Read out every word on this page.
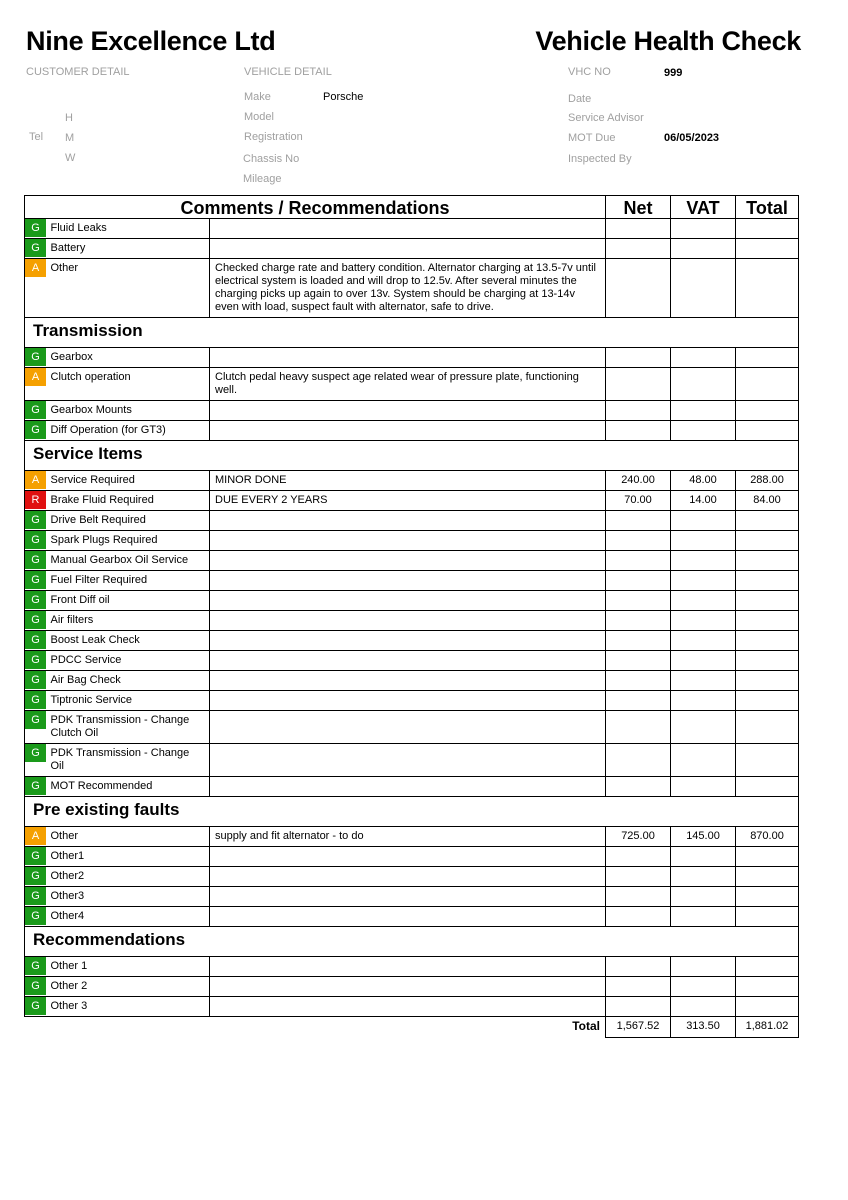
Nine Excellence Ltd	Vehicle Health Check
CUSTOMER DETAIL	VEHICLE DETAIL	VHC NO	999
Make	Porsche	Date
H	Model	Service Advisor
Tel M	Registration	MOT Due	06/05/2023
W	Chassis No	Inspected By
Mileage
Comments / Recommendations			Net	VAT	Total

G	Fluid Leaks				

G	Battery				

A	Other	Checked charge rate and battery condition. Alternator charging at 13.5-7v until electrical system is loaded and will drop to 12.5v. After several minutes the charging picks up again to over 13v. System should be charging at 13-14v even with load, suspect fault with alternator, safe to drive.			
Transmission					

G	Gearbox				

A	Clutch operation	Clutch pedal heavy suspect age related wear of pressure plate, functioning well.			

G	Gearbox Mounts				

G	Diff Operation (for GT3)				
Service Items					

A	Service Required	MINOR DONE	240.00	48.00	288.00

R	Brake Fluid Required	DUE EVERY 2 YEARS	70.00	14.00	84.00

G	Drive Belt Required				

G	Spark Plugs Required				

G	Manual Gearbox Oil Service				

G	Fuel Filter Required				

G	Front Diff oil				

G	Air filters				

G	Boost Leak Check				

G	PDCC Service				

G	Air Bag Check				

G	Tiptronic Service				

G	PDK Transmission - Change Clutch Oil				

G	PDK Transmission - Change Oil				

G	MOT Recommended				
Pre existing faults					

A	Other	supply and fit alternator - to do	725.00	145.00	870.00

G	Other1				

G	Other2				

G	Other3				

G	Other4				
Recommendations					

G	Other 1				

G	Other 2				

G	Other 3				
Total			1,567.52	313.50	1,881.02
